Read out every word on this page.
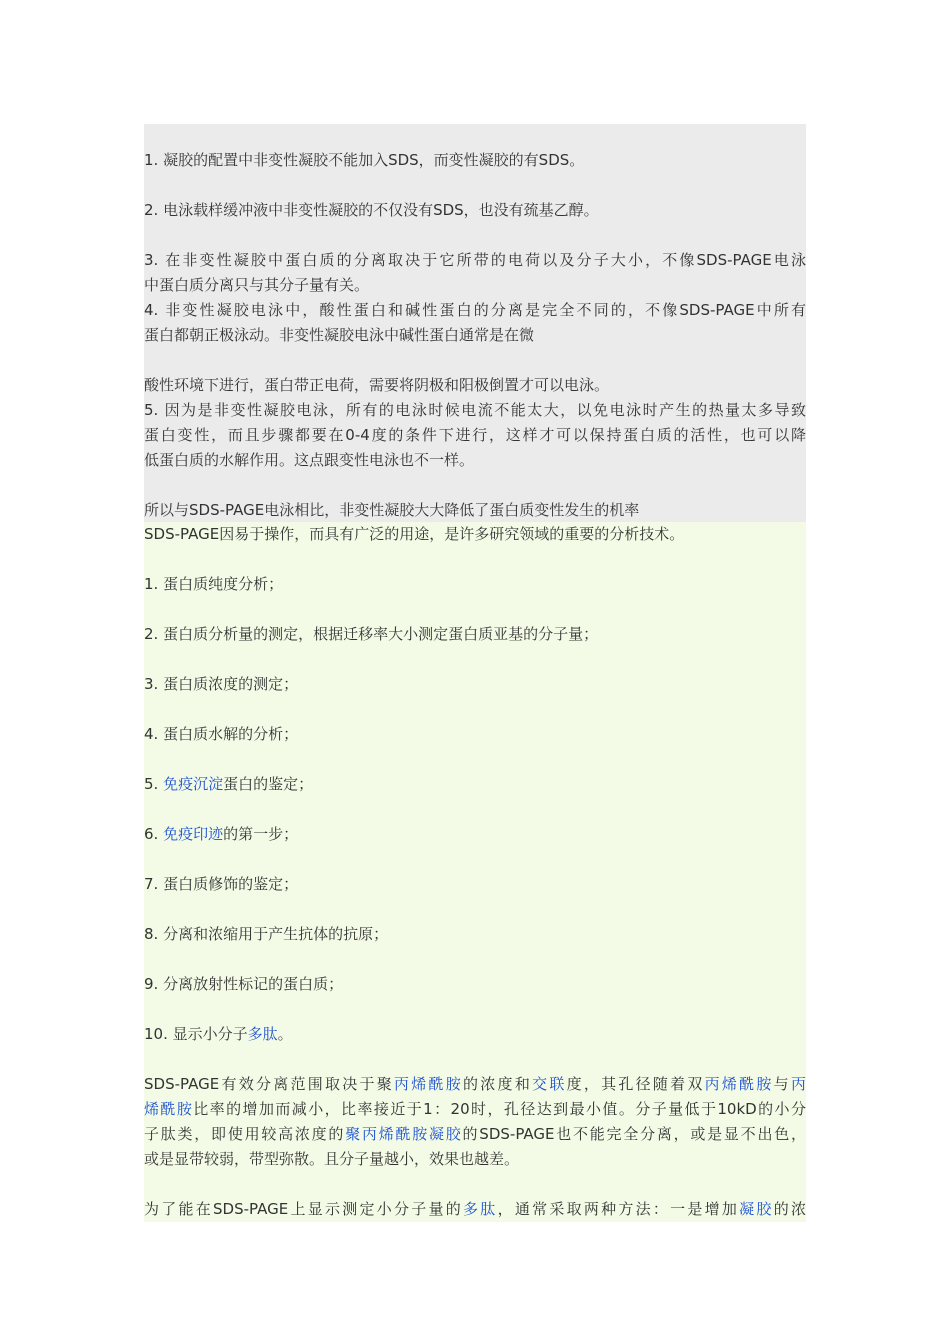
1. 凝胶的配置中非变性凝胶不能加入SDS，而变性凝胶的有SDS。
2. 电泳载样缓冲液中非变性凝胶的不仅没有SDS，也没有巯基乙醇。
3. 在非变性凝胶中蛋白质的分离取决于它所带的电荷以及分子大小，不像SDS-PAGE电泳
中蛋白质分离只与其分子量有关。
4. 非变性凝胶电泳中，酸性蛋白和碱性蛋白的分离是完全不同的，不像SDS-PAGE中所有
蛋白都朝正极泳动。非变性凝胶电泳中碱性蛋白通常是在微
酸性环境下进行，蛋白带正电荷，需要将阴极和阳极倒置才可以电泳。
5. 因为是非变性凝胶电泳，所有的电泳时候电流不能太大，以免电泳时产生的热量太多导致
蛋白变性，而且步骤都要在0-4度的条件下进行，这样才可以保持蛋白质的活性，也可以降
低蛋白质的水解作用。这点跟变性电泳也不一样。
所以与SDS-PAGE电泳相比，非变性凝胶大大降低了蛋白质变性发生的机率
SDS-PAGE因易于操作，而具有广泛的用途，是许多研究领域的重要的分析技术。
1. 蛋白质纯度分析；
2. 蛋白质分析量的测定，根据迁移率大小测定蛋白质亚基的分子量；
3. 蛋白质浓度的测定；
4. 蛋白质水解的分析；
5. 免疫沉淀蛋白的鉴定；
6. 免疫印迹的第一步；
7. 蛋白质修饰的鉴定；
8. 分离和浓缩用于产生抗体的抗原；
9. 分离放射性标记的蛋白质；
10. 显示小分子多肽。
SDS-PAGE有效分离范围取决于聚丙烯酰胺的浓度和交联度，其孔径随着双丙烯酰胺与丙
烯酰胺比率的增加而减小，比率接近于1：20时，孔径达到最小值。分子量低于10kD的小分
子肽类，即使用较高浓度的聚丙烯酰胺凝胶的SDS-PAGE也不能完全分离，或是显不出色，
或是显带较弱，带型弥散。且分子量越小，效果也越差。
为了能在SDS-PAGE上显示测定小分子量的多肽，通常采取两种方法：一是增加凝胶的浓
